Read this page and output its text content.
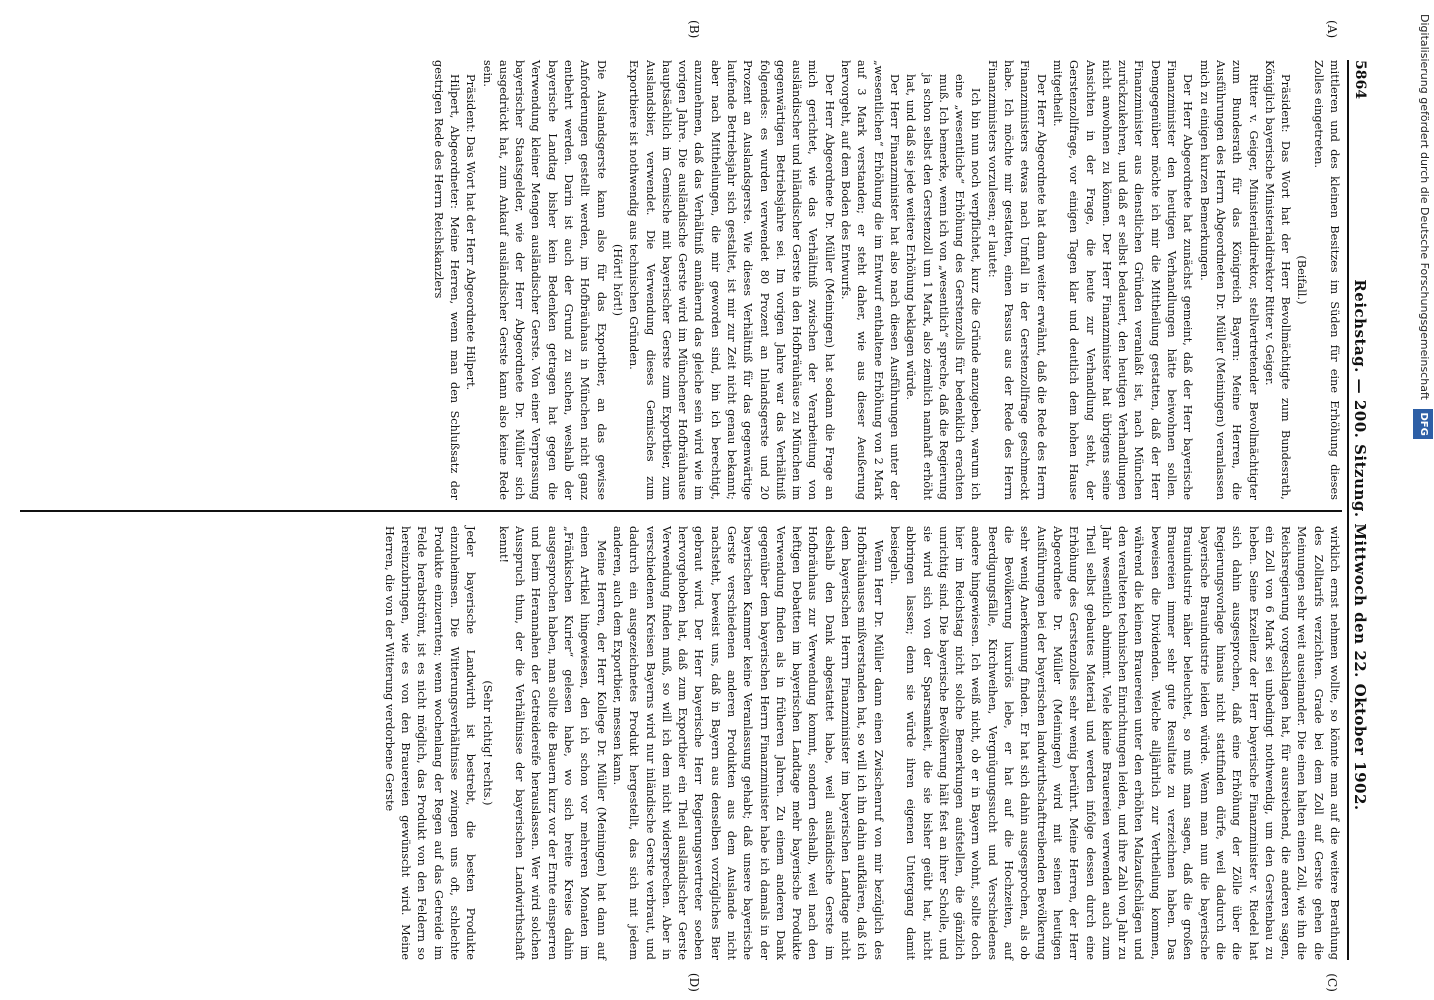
5864
Reichstag. — 200. Sitzung. Mittwoch den 22. Oktober 1902.
(A)
(B)

mittleren und des kleinen Besitzes im Süden für eine Erhöhung dieses Zolles eingetreten.

(Beifall.)

Präsident: Das Wort hat der Herr Bevollmächtigte zum Bundesrath, Königlich bayerische Ministerialdirektor Ritter v. Geiger.

Ritter v. Geiger, Ministerialdirektor, stellvertretender Bevollmächtigter zum Bundesrath für das Königreich Bayern: Meine Herren, die Ausführungen des Herrn Abgeordneten Dr. Müller (Meiningen) veranlassen mich zu einigen kurzen Bemerkungen.

Der Herr Abgeordnete hat zunächst gemeint, daß der Herr bayerische Finanzminister den heutigen Verhandlungen hätte beiwohnen sollen. Demgegenüber möchte ich mir die Mittheilung gestatten, daß der Herr Finanzminister aus dienstlichen Gründen veranlaßt ist, nach München zurückzukehren, und daß er selbst bedauert, den heutigen Verhandlungen nicht anwohnen zu können. Der Herr Finanzminister hat übrigens seine Ansichten in der Frage, die heute zur Verhandlung steht, der Gerstenzollfrage, vor einigen Tagen klar und deutlich dem hohen Hause mitgetheilt.

Der Herr Abgeordnete hat dann weiter erwähnt, daß die Rede des Herrn Finanzministers etwas nach Umfall in der Gerstenzollfrage geschmeckt habe. Ich möchte mir gestatten, einen Passus aus der Rede des Herrn Finanzministers vorzulesen; er lautet:

Ich bin nun noch verpflichtet, kurz die Gründe anzugeben, warum ich eine „wesentliche“ Erhöhung des Gerstenzolls für bedenklich erachten muß. Ich bemerke, wenn ich von „wesentlich“ spreche, daß die Regierung ja schon selbst den Gerstenzoll um 1 Mark, also ziemlich namhaft erhöht hat, und daß sie jede weitere Erhöhung beklagen würde.

Der Herr Finanzminister hat also nach diesen Ausführungen unter der „wesentlichen“ Erhöhung die im Entwurf enthaltene Erhöhung von 2 Mark auf 3 Mark verstanden; er steht daher, wie aus dieser Aeußerung hervorgeht, auf dem Boden des Entwurfs.

Der Herr Abgeordnete Dr. Müller (Meiningen) hat sodann die Frage an mich gerichtet, wie das Verhältniß zwischen der Verarbeitung von ausländischer und inländischer Gerste in den Hofbräuhäuse zu München im gegenwärtigen Betriebsjahre sei. Im vorigen Jahre war das Verhältniß folgendes: es wurden verwendet 80 Prozent an Inlandsgerste und 20 Prozent an Auslandsgerste. Wie dieses Verhältniß für das gegenwärtige laufende Betriebsjahr sich gestaltet, ist mir zur Zeit nicht genau bekannt; aber nach Mittheilungen, die mir geworden sind, bin ich berechtigt, anzunehmen, daß das Verhältniß annähernd das gleiche sein wird wie im vorigen Jahre. Die ausländische Gerste wird im Münchener Hofbräuhause hauptsächlich im Gemische mit bayerischer Gerste zum Exportbier, zum Auslandsbier, verwendet. Die Verwendung dieses Gemisches zum Exportbiere ist nothwendig aus technischen Gründen.

(Hört! hört!)

Die Auslandsgerste kann also für das Exportbier, an das gewisse Anforderungen gestellt werden, im Hofbräuhaus in München nicht ganz entbehrt werden. Darin ist auch der Grund zu suchen, weshalb der bayerische Landtag bisher kein Bedenken getragen hat gegen die Verwendung kleiner Mengen ausländischer Gerste. Von einer Verprassung bayerischer Staatsgelder, wie der Herr Abgeordnete Dr. Müller sich ausgedrückt hat, zum Ankauf ausländischer Gerste kann also keine Rede sein.

Präsident: Das Wort hat der Herr Abgeordnete Hilpert.

Hilpert, Abgeordneter: Meine Herren, wenn man den Schlußsatz der gestrigen Rede des Herrn Reichskanzlers

(C)
(D)

wirklich ernst nehmen wollte, so könnte man auf die weitere Berathung des Zolltarifs verzichten. Grade bei dem Zoll auf Gerste gehen die Meinungen sehr weit auseinander. Die einen halten einen Zoll, wie ihn die Reichsregierung vorgeschlagen hat, für ausreichend, die anderen sagen, ein Zoll von 6 Mark sei unbedingt nothwendig, um den Gerstenbau zu heben. Seine Exzellenz der Herr bayerische Finanzminister v. Riedel hat sich dahin ausgesprochen, daß eine Erhöhung der Zölle über die Regierungsvorlage hinaus nicht stattfinden dürfe, weil dadurch die bayerische Brauindustrie leiden würde. Wenn man nun die bayerische Brauindustrie näher beleuchtet, so muß man sagen, daß die großen Brauereien immer sehr gute Resultate zu verzeichnen haben. Das beweisen die Dividenden. Welche alljährlich zur Vertheilung kommen, während die kleinen Brauereien unter den erhöhten Malzaufschlägen und den veralteten technischen Einrichtungen leiden, und ihre Zahl von Jahr zu Jahr wesentlich abnimmt. Viele kleine Brauereien verwenden auch zum Theil selbst gebautes Material und werden infolge dessen durch eine Erhöhung des Gerstenzolles sehr wenig berührt. Meine Herren, der Herr Abgeordnete Dr. Müller (Meiningen) wird mit seinen heutigen Ausführungen bei der bayerischen landwirthschafttreibenden Bevölkerung sehr wenig Anerkennung finden. Er hat sich dahin ausgesprochen, als ob die Bevölkerung luxuriös lebe, er hat auf die Hochzeiten, auf Beerdigungsfälle, Kirchweihen, Vergnügungssucht und Verschiedenes andere hingewiesen. Ich weiß nicht, ob er in Bayern wohnt, sollte doch hier im Reichstag nicht solche Bemerkungen aufstellen, die gänzlich unrichtig sind. Die bayerische Bevölkerung hält fest an ihrer Scholle, und sie wird sich von der Sparsamkeit, die sie bisher geübt hat, nicht abbringen lassen; denn sie würde ihren eigenen Untergang damit besiegeln.

Wenn Herr Dr. Müller dann einen Zwischenruf von mir bezüglich des Hofbräuhauses mißverstanden hat, so will ich ihn dahin aufklären, daß ich dem bayerischen Herrn Finanzminister im bayerischen Landtage nicht deshalb den Dank abgestattet habe, weil ausländische Gerste im Hofbräuhaus zur Verwendung kommt, sondern deshalb, weil nach den heftigen Debatten im bayerischen Landtage mehr bayerische Produkte Verwendung finden als in früheren Jahren. Zu einem anderen Dank gegenüber dem bayerischen Herrn Finanzminister habe ich damals in der bayerischen Kammer keine Veranlassung gehabt; daß unsere bayerische Gerste verschiedenen anderen Produkten aus dem Auslande nicht nachsteht, beweist uns, daß in Bayern aus denselben vorzügliches Bier gebraut wird. Der Herr bayerische Herr Regierungsvertreter soeben hervorgehoben hat, daß zum Exportbier ein Theil ausländischer Gerste Verwendung finden muß, so will ich dem nicht widersprechen. Aber in verschiedenen Kreisen Bayerns wird nur inländische Gerste verbraut, und dadurch ein ausgezeichnetes Produkt hergestellt, das sich mit jedem anderen, auch dem Exportbier, messen kann.

Meine Herren, der Herr Kollege Dr. Müller (Meiningen) hat dann auf einen Artikel hingewiesen, den ich schon vor mehreren Monaten im „Fränkischen Kurier“ gelesen habe, wo sich breite Kreise dahin ausgesprochen haben, man sollte die Bauern kurz vor der Ernte einsperren und beim Herannahen der Getreidereife herauslassen. Wer wird solchen Ausspruch thun, der die Verhältnisse der bayerischen Landwirthschaft kennt!

(Sehr richtig! rechts.)

Jeder bayerische Landwirth ist bestrebt, die besten Produkte einzuheimsen. Die Witterungsverhältnisse zwingen uns oft, schlechte Produkte einzuernten; wenn wochenlang der Regen auf das Getreide im Felde herabströmt, ist es nicht möglich, das Produkt von den Feldern so hereinzubringen, wie es von den Brauereien gewünscht wird. Meine Herren, die von der Witterung verdorbene Gerste

Digitalisierung gefördert durch die Deutsche Forschungsgemeinschaft DFG
